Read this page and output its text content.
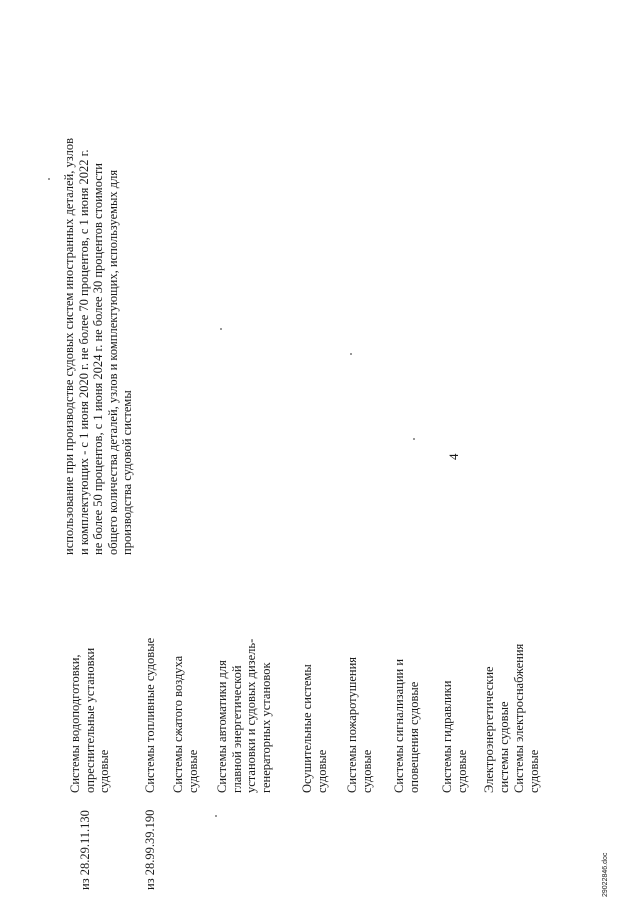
4
из 28.29.11.130
Системы водоподготовки, опреснительные установки судовые
использование при производстве судовых систем иностранных деталей, узлов и комплектующих - с 1 июня 2020 г. не более 70 процентов, с 1 июня 2022 г. не более 50 процентов, с 1 июня 2024 г. не более 30 процентов стоимости общего количества деталей, узлов и комплектующих, используемых для производства судовой системы
из 28.99.39.190
Системы топливные судовые Системы сжатого воздуха судовые Системы автоматики для главной энергетической установки и судовых дизель- генераторных установок Осушительные системы судовые Системы пожаротушения судовые Системы сигнализации и оповещения судовые Системы гидравлики судовые Электроэнергетические системы судовые Системы электроснабжения судовые
29022846.doc
